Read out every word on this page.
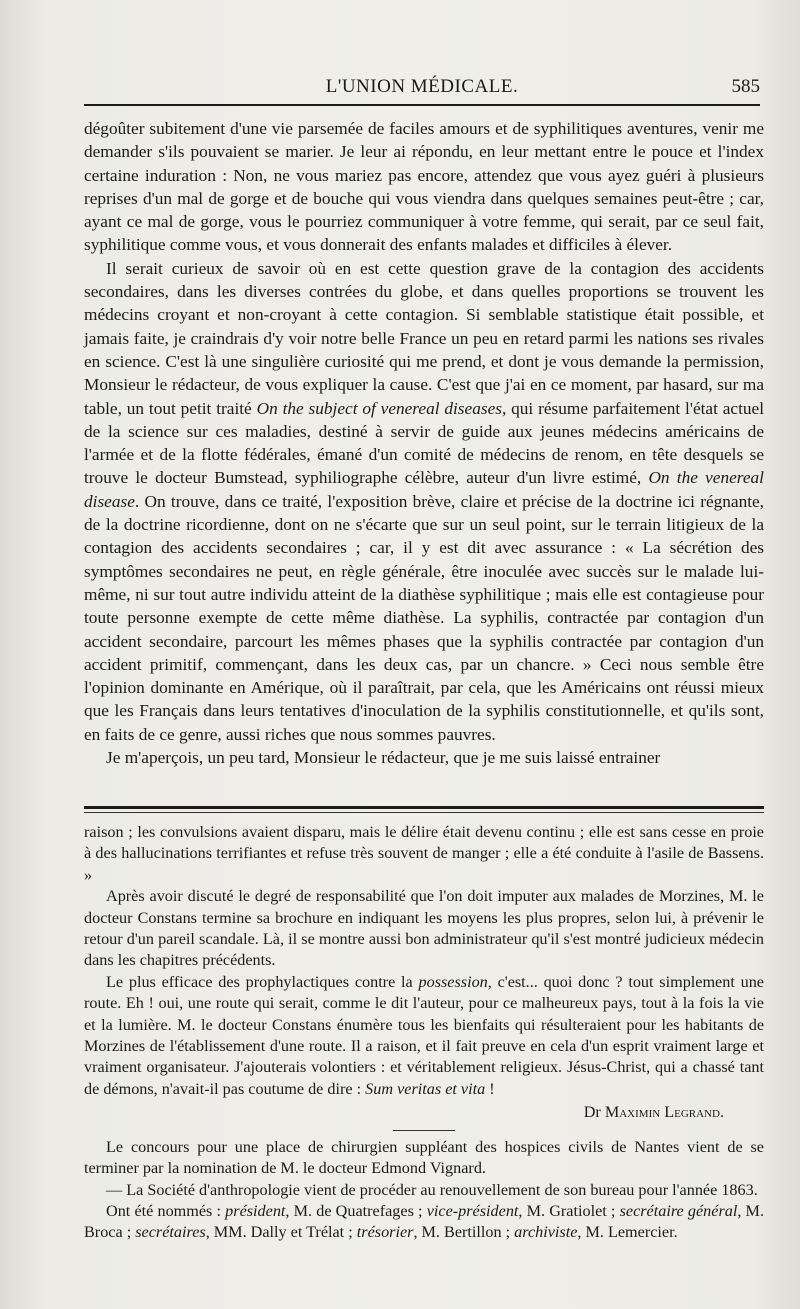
L'UNION MÉDICALE.	585

dégoûter subitement d'une vie parsemée de faciles amours et de syphilitiques aventures, venir me demander s'ils pouvaient se marier. Je leur ai répondu, en leur mettant entre le pouce et l'index certaine induration : Non, ne vous mariez pas encore, attendez que vous ayez guéri à plusieurs reprises d'un mal de gorge et de bouche qui vous viendra dans quelques semaines peut-être ; car, ayant ce mal de gorge, vous le pourriez communiquer à votre femme, qui serait, par ce seul fait, syphilitique comme vous, et vous donnerait des enfants malades et difficiles à élever.

Il serait curieux de savoir où en est cette question grave de la contagion des accidents secondaires, dans les diverses contrées du globe, et dans quelles proportions se trouvent les médecins croyant et non-croyant à cette contagion. Si semblable statistique était possible, et jamais faite, je craindrais d'y voir notre belle France un peu en retard parmi les nations ses rivales en science. C'est là une singulière curiosité qui me prend, et dont je vous demande la permission, Monsieur le rédacteur, de vous expliquer la cause. C'est que j'ai en ce moment, par hasard, sur ma table, un tout petit traité On the subject of venereal diseases, qui résume parfaitement l'état actuel de la science sur ces maladies, destiné à servir de guide aux jeunes médecins américains de l'armée et de la flotte fédérales, émané d'un comité de médecins de renom, en tête desquels se trouve le docteur Bumstead, syphiliographe célèbre, auteur d'un livre estimé, On the venereal disease. On trouve, dans ce traité, l'exposition brève, claire et précise de la doctrine ici régnante, de la doctrine ricordienne, dont on ne s'écarte que sur un seul point, sur le terrain litigieux de la contagion des accidents secondaires ; car, il y est dit avec assurance : « La sécrétion des symptômes secondaires ne peut, en règle générale, être inoculée avec succès sur le malade lui-même, ni sur tout autre individu atteint de la diathèse syphilitique ; mais elle est contagieuse pour toute personne exempte de cette même diathèse. La syphilis, contractée par contagion d'un accident secondaire, parcourt les mêmes phases que la syphilis contractée par contagion d'un accident primitif, commençant, dans les deux cas, par un chancre. » Ceci nous semble être l'opinion dominante en Amérique, où il paraîtrait, par cela, que les Américains ont réussi mieux que les Français dans leurs tentatives d'inoculation de la syphilis constitutionnelle, et qu'ils sont, en faits de ce genre, aussi riches que nous sommes pauvres.

Je m'aperçois, un peu tard, Monsieur le rédacteur, que je me suis laissé entrainer

raison ; les convulsions avaient disparu, mais le délire était devenu continu ; elle est sans cesse en proie à des hallucinations terrifiantes et refuse très souvent de manger ; elle a été conduite à l'asile de Bassens. »

Après avoir discuté le degré de responsabilité que l'on doit imputer aux malades de Morzines, M. le docteur Constans termine sa brochure en indiquant les moyens les plus propres, selon lui, à prévenir le retour d'un pareil scandale. Là, il se montre aussi bon administrateur qu'il s'est montré judicieux médecin dans les chapitres précédents.

Le plus efficace des prophylactiques contre la possession, c'est... quoi donc ? tout simplement une route. Eh ! oui, une route qui serait, comme le dit l'auteur, pour ce malheureux pays, tout à la fois la vie et la lumière. M. le docteur Constans énumère tous les bienfaits qui résulteraient pour les habitants de Morzines de l'établissement d'une route. Il a raison, et il fait preuve en cela d'un esprit vraiment large et vraiment organisateur. J'ajouterais volontiers : et véritablement religieux. Jésus-Christ, qui a chassé tant de démons, n'avait-il pas coutume de dire : Sum veritas et vita !

Dr Maximin Legrand.

Le concours pour une place de chirurgien suppléant des hospices civils de Nantes vient de se terminer par la nomination de M. le docteur Edmond Vignard.

— La Société d'anthropologie vient de procéder au renouvellement de son bureau pour l'année 1863.

Ont été nommés : président, M. de Quatrefages ; vice-président, M. Gratiolet ; secrétaire général, M. Broca ; secrétaires, MM. Dally et Trélat ; trésorier, M. Bertillon ; archiviste, M. Lemercier.
